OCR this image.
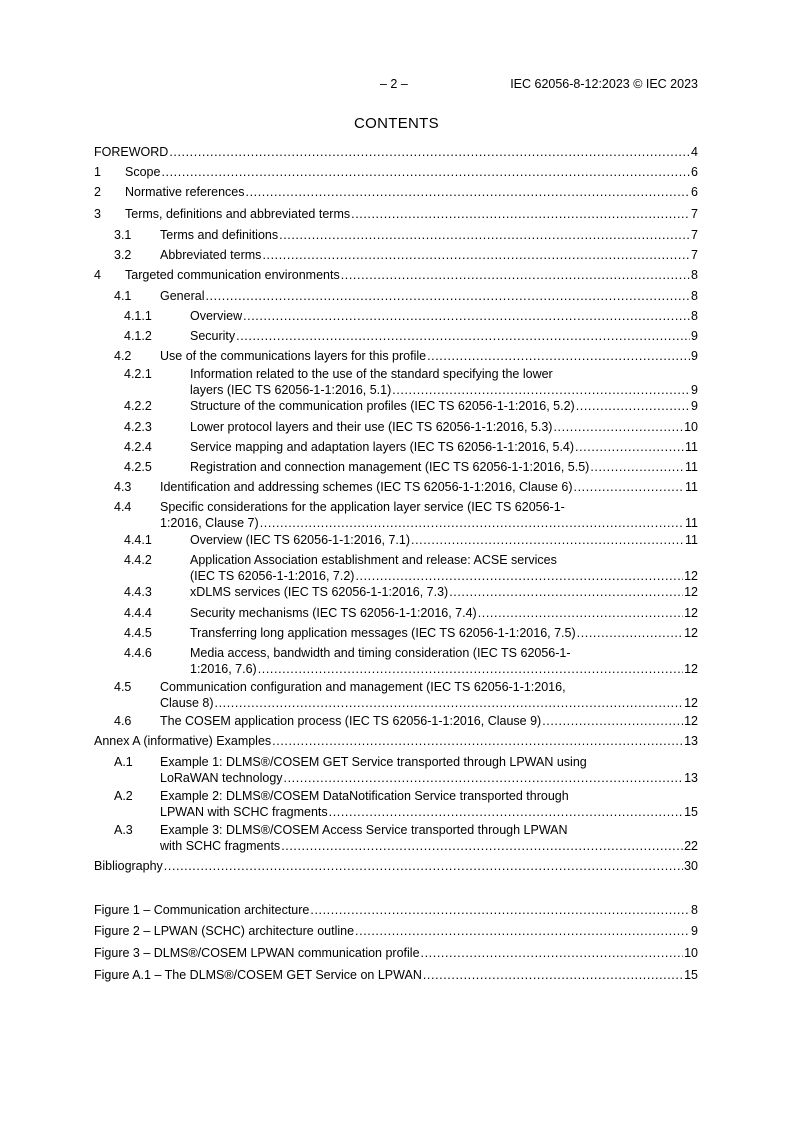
– 2 –	IEC 62056-8-12:2023 © IEC 2023
CONTENTS
FOREWORD .....	4
1 Scope .....	6
2 Normative references .....	6
3 Terms, definitions and abbreviated terms .....	7
3.1 Terms and definitions .....	7
3.2 Abbreviated terms .....	7
4 Targeted communication environments .....	8
4.1 General .....	8
4.1.1	Overview .....	8
4.1.2	Security .....	9
4.2 Use of the communications layers for this profile .....	9
4.2.1	Information related to the use of the standard specifying the lower
layers (IEC TS 62056-1-1:2016, 5.1) .....	9
4.2.2	Structure of the communication profiles (IEC TS 62056-1-1:2016, 5.2) .....	9
4.2.3	Lower protocol layers and their use (IEC TS 62056-1-1:2016, 5.3) .....	10
4.2.4	Service mapping and adaptation layers (IEC TS 62056-1-1:2016, 5.4) .....	11
4.2.5	Registration and connection management (IEC TS 62056-1-1:2016, 5.5) .....	11
4.3 Identification and addressing schemes (IEC TS 62056-1-1:2016, Clause 6) .....	11
4.4	Specific considerations for the application layer service (IEC TS 62056-1-
1:2016, Clause 7) .....	11
4.4.1	Overview (IEC TS 62056-1-1:2016, 7.1) .....	11
4.4.2	Application Association establishment and release: ACSE services
(IEC TS 62056-1-1:2016, 7.2) .....	12
4.4.3	xDLMS services (IEC TS 62056-1-1:2016, 7.3) .....	12
4.4.4	Security mechanisms (IEC TS 62056-1-1:2016, 7.4) .....	12
4.4.5	Transferring long application messages (IEC TS 62056-1-1:2016, 7.5) .....	12
4.4.6	Media access, bandwidth and timing consideration (IEC TS 62056-1-
1:2016, 7.6) .....	12
4.5	Communication configuration and management (IEC TS 62056-1-1:2016,
Clause 8) .....	12
4.6 The COSEM application process (IEC TS 62056-1-1:2016, Clause 9) .....	12
Annex A (informative) Examples .....	13
A.1	Example 1: DLMS®/COSEM GET Service transported through LPWAN using
LoRaWAN technology .....	13
A.2	Example 2: DLMS®/COSEM DataNotification Service transported through
LPWAN with SCHC fragments .....	15
A.3	Example 3: DLMS®/COSEM Access Service transported through LPWAN
with SCHC fragments .....	22
Bibliography .....	30
Figure 1 – Communication architecture .....	8
Figure 2 – LPWAN (SCHC) architecture outline .....	9
Figure 3 – DLMS®/COSEM LPWAN communication profile .....	10
Figure A.1 – The DLMS®/COSEM GET Service on LPWAN .....	15
